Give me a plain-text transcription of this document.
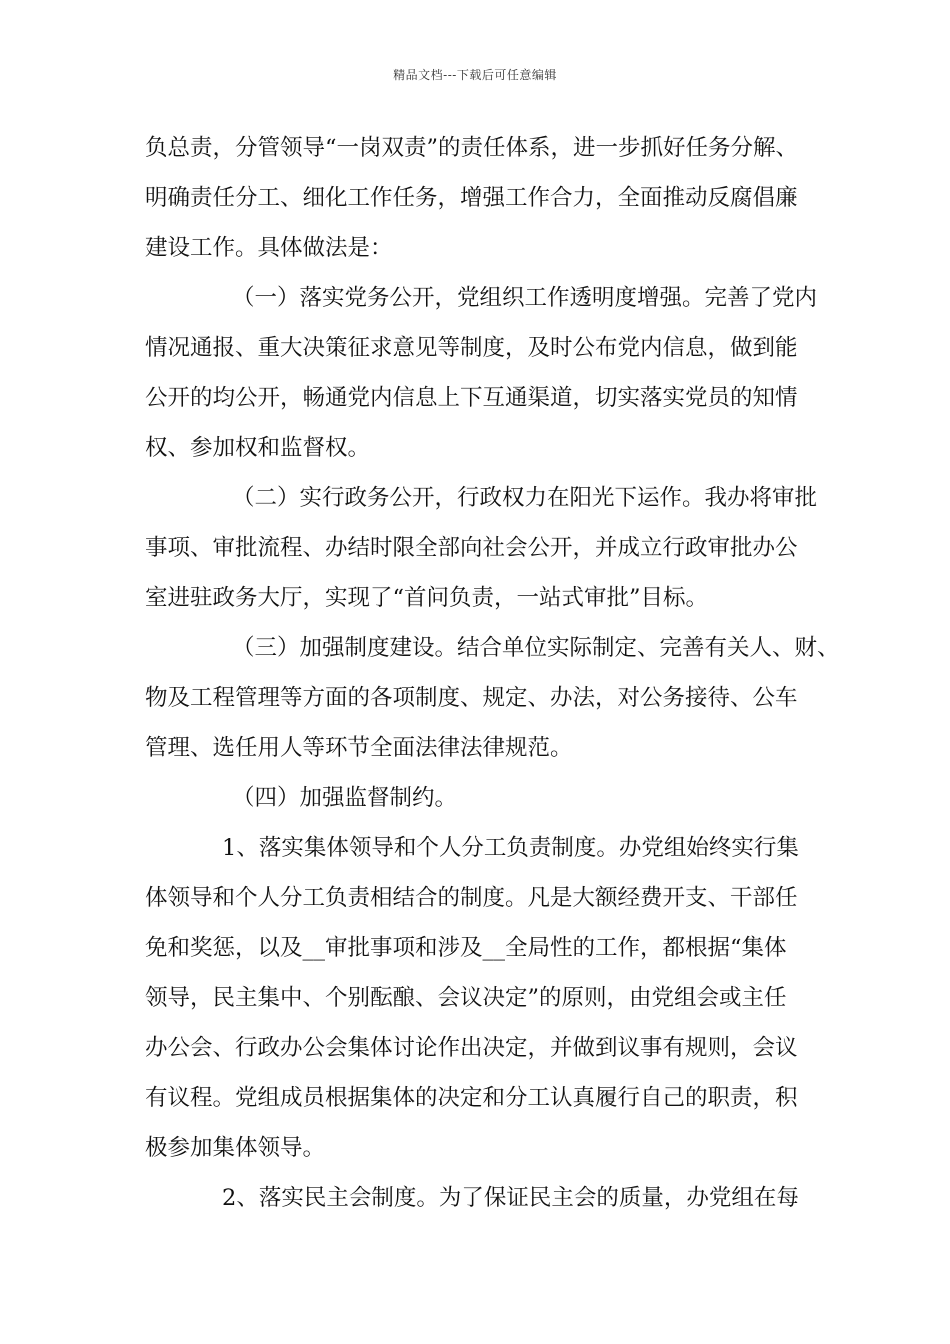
精品文档---下载后可任意编辑

负总责，分管领导“一岗双责”的责任体系，进一步抓好任务分解、

明确责任分工、细化工作任务，增强工作合力，全面推动反腐倡廉

建设工作。具体做法是：

（一）落实党务公开，党组织工作透明度增强。完善了党内

情况通报、重大决策征求意见等制度，及时公布党内信息，做到能

公开的均公开，畅通党内信息上下互通渠道，切实落实党员的知情

权、参加权和监督权。

（二）实行政务公开，行政权力在阳光下运作。我办将审批

事项、审批流程、办结时限全部向社会公开，并成立行政审批办公

室进驻政务大厅，实现了“首问负责，一站式审批”目标。

（三）加强制度建设。结合单位实际制定、完善有关人、财、

物及工程管理等方面的各项制度、规定、办法，对公务接待、公车

管理、选任用人等环节全面法律法律规范。

（四）加强监督制约。

1、落实集体领导和个人分工负责制度。办党组始终实行集

体领导和个人分工负责相结合的制度。凡是大额经费开支、干部任

免和奖惩，以及__审批事项和涉及__全局性的工作，都根据“集体

领导，民主集中、个别酝酿、会议决定”的原则，由党组会或主任

办公会、行政办公会集体讨论作出决定，并做到议事有规则，会议

有议程。党组成员根据集体的决定和分工认真履行自己的职责，积

极参加集体领导。

2、落实民主会制度。为了保证民主会的质量，办党组在每
